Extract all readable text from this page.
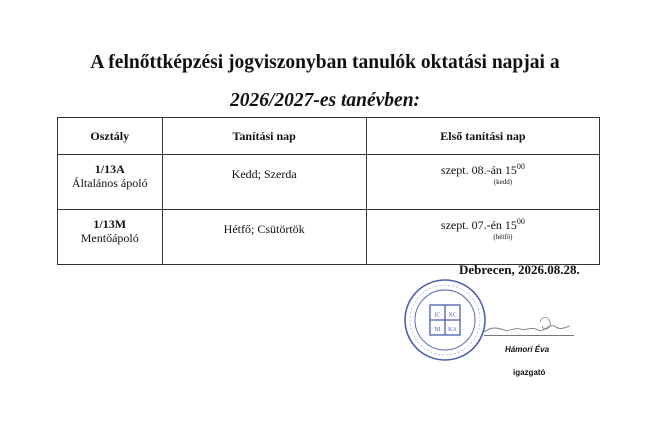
A felnőttképzési jogviszonyban tanulók oktatási napjai a
2026/2027-es tanévben:
Osztály	Tanítási nap	Első tanítási nap

1/13A
Általános ápoló	Kedd; Szerda	szept. 08.-án $15^{00}$
(kedd)

1/13M
Mentőápoló	Hétfő; Csütörtök	szept. 07.-én $15^{00}$
(hétfő)
Debrecen, 2026.08.28.
IC XC
NI KA
Hámori Éva
igazgató
